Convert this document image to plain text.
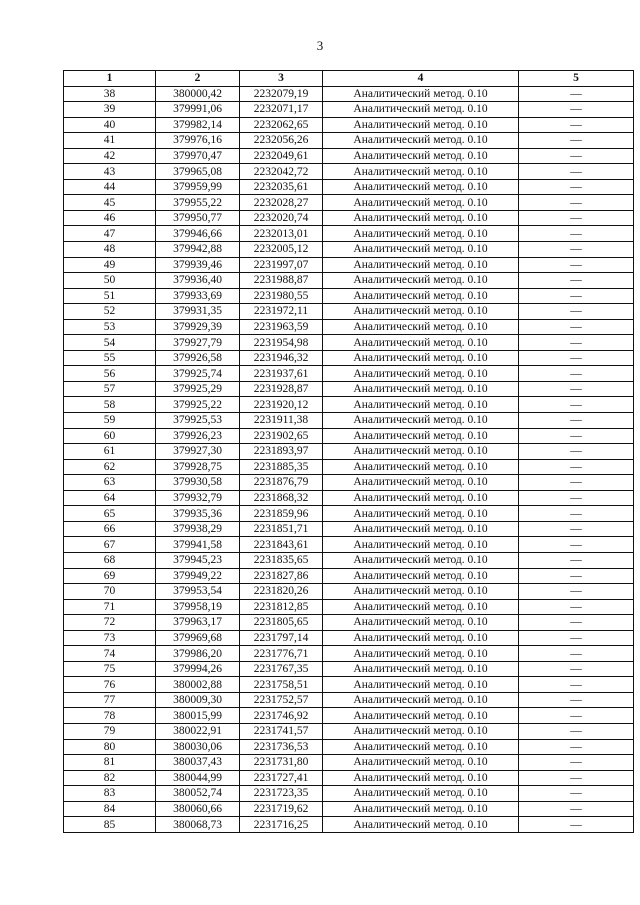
3
1	2	3	4	5
38	380000,42	2232079,19	Аналитический метод. 0.10	—
39	379991,06	2232071,17	Аналитический метод. 0.10	—
40	379982,14	2232062,65	Аналитический метод. 0.10	—
41	379976,16	2232056,26	Аналитический метод. 0.10	—
42	379970,47	2232049,61	Аналитический метод. 0.10	—
43	379965,08	2232042,72	Аналитический метод. 0.10	—
44	379959,99	2232035,61	Аналитический метод. 0.10	—
45	379955,22	2232028,27	Аналитический метод. 0.10	—
46	379950,77	2232020,74	Аналитический метод. 0.10	—
47	379946,66	2232013,01	Аналитический метод. 0.10	—
48	379942,88	2232005,12	Аналитический метод. 0.10	—
49	379939,46	2231997,07	Аналитический метод. 0.10	—
50	379936,40	2231988,87	Аналитический метод. 0.10	—
51	379933,69	2231980,55	Аналитический метод. 0.10	—
52	379931,35	2231972,11	Аналитический метод. 0.10	—
53	379929,39	2231963,59	Аналитический метод. 0.10	—
54	379927,79	2231954,98	Аналитический метод. 0.10	—
55	379926,58	2231946,32	Аналитический метод. 0.10	—
56	379925,74	2231937,61	Аналитический метод. 0.10	—
57	379925,29	2231928,87	Аналитический метод. 0.10	—
58	379925,22	2231920,12	Аналитический метод. 0.10	—
59	379925,53	2231911,38	Аналитический метод. 0.10	—
60	379926,23	2231902,65	Аналитический метод. 0.10	—
61	379927,30	2231893,97	Аналитический метод. 0.10	—
62	379928,75	2231885,35	Аналитический метод. 0.10	—
63	379930,58	2231876,79	Аналитический метод. 0.10	—
64	379932,79	2231868,32	Аналитический метод. 0.10	—
65	379935,36	2231859,96	Аналитический метод. 0.10	—
66	379938,29	2231851,71	Аналитический метод. 0.10	—
67	379941,58	2231843,61	Аналитический метод. 0.10	—
68	379945,23	2231835,65	Аналитический метод. 0.10	—
69	379949,22	2231827,86	Аналитический метод. 0.10	—
70	379953,54	2231820,26	Аналитический метод. 0.10	—
71	379958,19	2231812,85	Аналитический метод. 0.10	—
72	379963,17	2231805,65	Аналитический метод. 0.10	—
73	379969,68	2231797,14	Аналитический метод. 0.10	—
74	379986,20	2231776,71	Аналитический метод. 0.10	—
75	379994,26	2231767,35	Аналитический метод. 0.10	—
76	380002,88	2231758,51	Аналитический метод. 0.10	—
77	380009,30	2231752,57	Аналитический метод. 0.10	—
78	380015,99	2231746,92	Аналитический метод. 0.10	—
79	380022,91	2231741,57	Аналитический метод. 0.10	—
80	380030,06	2231736,53	Аналитический метод. 0.10	—
81	380037,43	2231731,80	Аналитический метод. 0.10	—
82	380044,99	2231727,41	Аналитический метод. 0.10	—
83	380052,74	2231723,35	Аналитический метод. 0.10	—
84	380060,66	2231719,62	Аналитический метод. 0.10	—
85	380068,73	2231716,25	Аналитический метод. 0.10	—
